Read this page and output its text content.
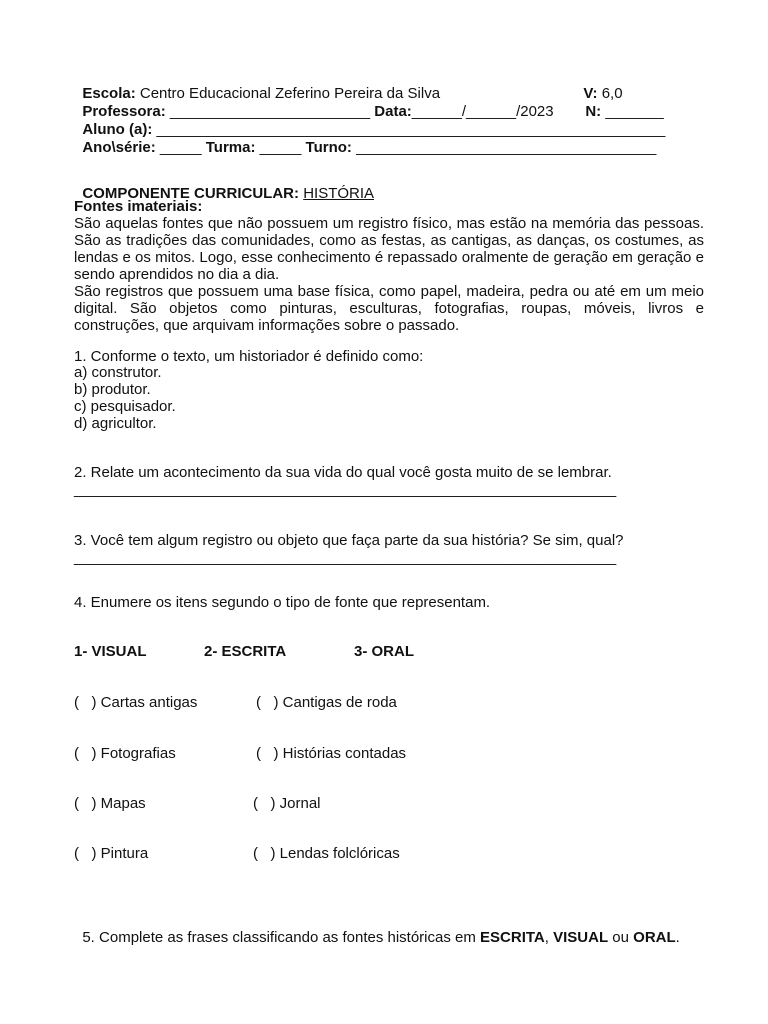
Escola: Centro Educacional Zeferino Pereira da Silva	V: 6,0

Professora: ________________________ Data:______/______/2023	N: _______

Aluno (a): _____________________________________________________________

Ano\série: _____ Turma: _____ Turno: ____________________________________

COMPONENTE CURRICULAR: HISTÓRIA

Fontes imateriais:
São aquelas fontes que não possuem um registro físico, mas estão na memória das pessoas. São as tradições das comunidades, como as festas, as cantigas, as danças, os costumes, as lendas e os mitos. Logo, esse conhecimento é repassado oralmente de geração em geração e sendo aprendidos no dia a dia.
São registros que possuem uma base física, como papel, madeira, pedra ou até em um meio digital. São objetos como pinturas, esculturas, fotografias, roupas, móveis, livros e construções, que arquivam informações sobre o passado.
1. Conforme o texto, um historiador é definido como:
a) construtor.
b) produtor.
c) pesquisador.
d) agricultor.
2. Relate um acontecimento da sua vida do qual você gosta muito de se lembrar.
_________________________________________________________________
3. Você tem algum registro ou objeto que faça parte da sua história? Se sim, qual?
_________________________________________________________________
4. Enumere os itens segundo o tipo de fonte que representam.
1- VISUAL	2- ESCRITA	3- ORAL
(   ) Cartas antigas	(   ) Cantigas de roda
(   ) Fotografias	(   ) Histórias contadas
(   ) Mapas	(   ) Jornal
(   ) Pintura	(   ) Lendas folclóricas

5. Complete as frases classificando as fontes históricas em ESCRITA, VISUAL ou ORAL.
